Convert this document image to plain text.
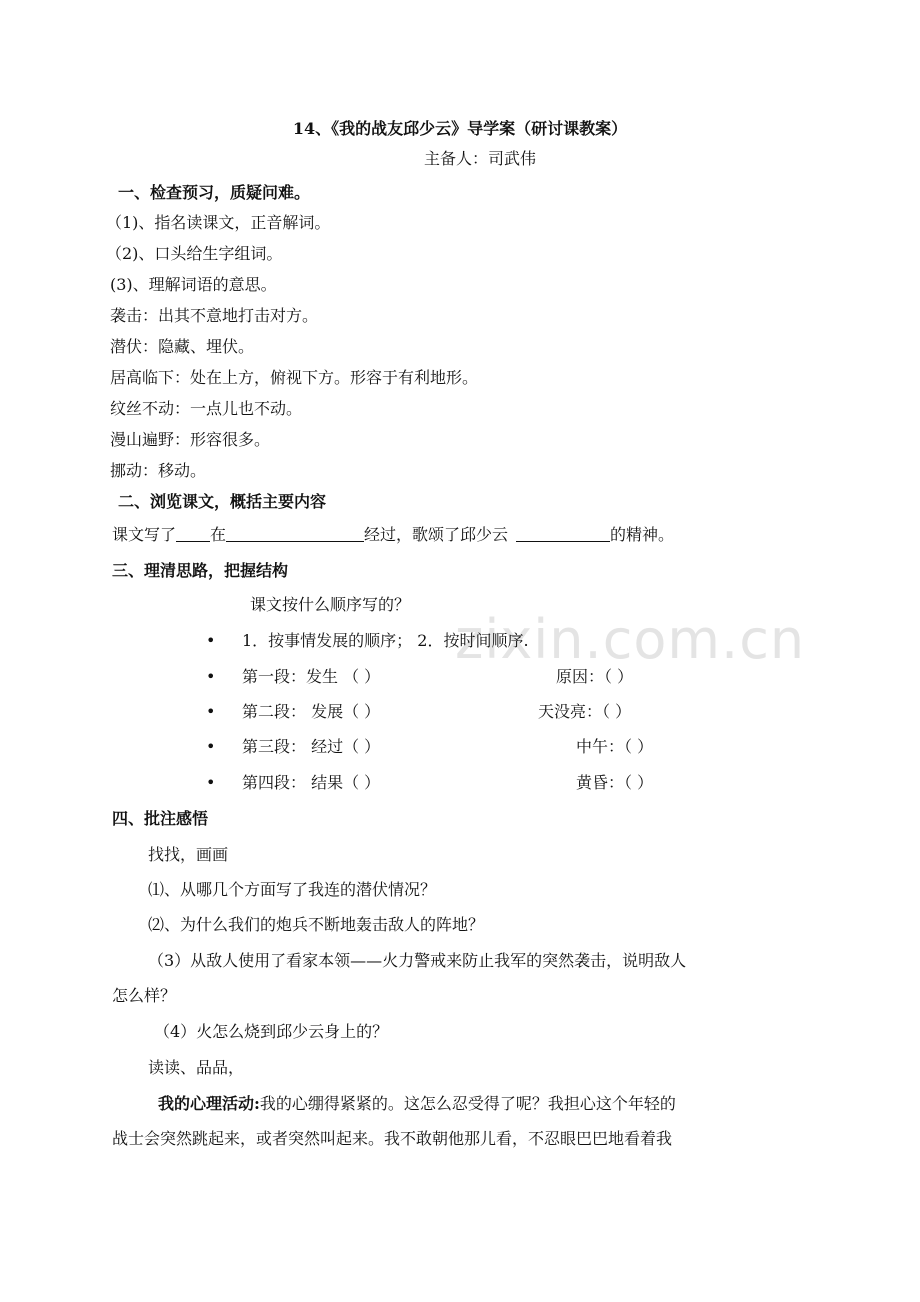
zixin.com.cn
14、《我的战友邱少云》导学案（研讨课教案）
主备人：司武伟
一、检查预习，质疑问难。
（1)、指名读课文，正音解词。
（2)、口头给生字组词。
(3)、理解词语的意思。
袭击：出其不意地打击对方。
潜伏：隐藏、埋伏。
居高临下：处在上方，俯视下方。形容于有利地形。
纹丝不动：一点儿也不动。
漫山遍野：形容很多。
挪动：移动。
二、浏览课文，概括主要内容
课文写了 在	经过，歌颂了邱少云	的精神。
三、理清思路，把握结构
课文按什么顺序写的？
• 1．按事情发展的顺序； 2．按时间顺序.
• 第一段：发生 （ ）	原因：（ ）
• 第二段： 发展（ ）	天没亮：（ ）
• 第三段： 经过（ ）	中午：（ ）
• 第四段： 结果（ ）	黄昏：（ ）
四、批注感悟
找找，画画
⑴、从哪几个方面写了我连的潜伏情况？
⑵、为什么我们的炮兵不断地轰击敌人的阵地？
（3）从敌人使用了看家本领——火力警戒来防止我军的突然袭击，说明敌人
怎么样？
（4）火怎么烧到邱少云身上的？
读读、品品，
我的心理活动:我的心绷得紧紧的。这怎么忍受得了呢？我担心这个年轻的
战士会突然跳起来，或者突然叫起来。我不敢朝他那儿看，不忍眼巴巴地看着我
